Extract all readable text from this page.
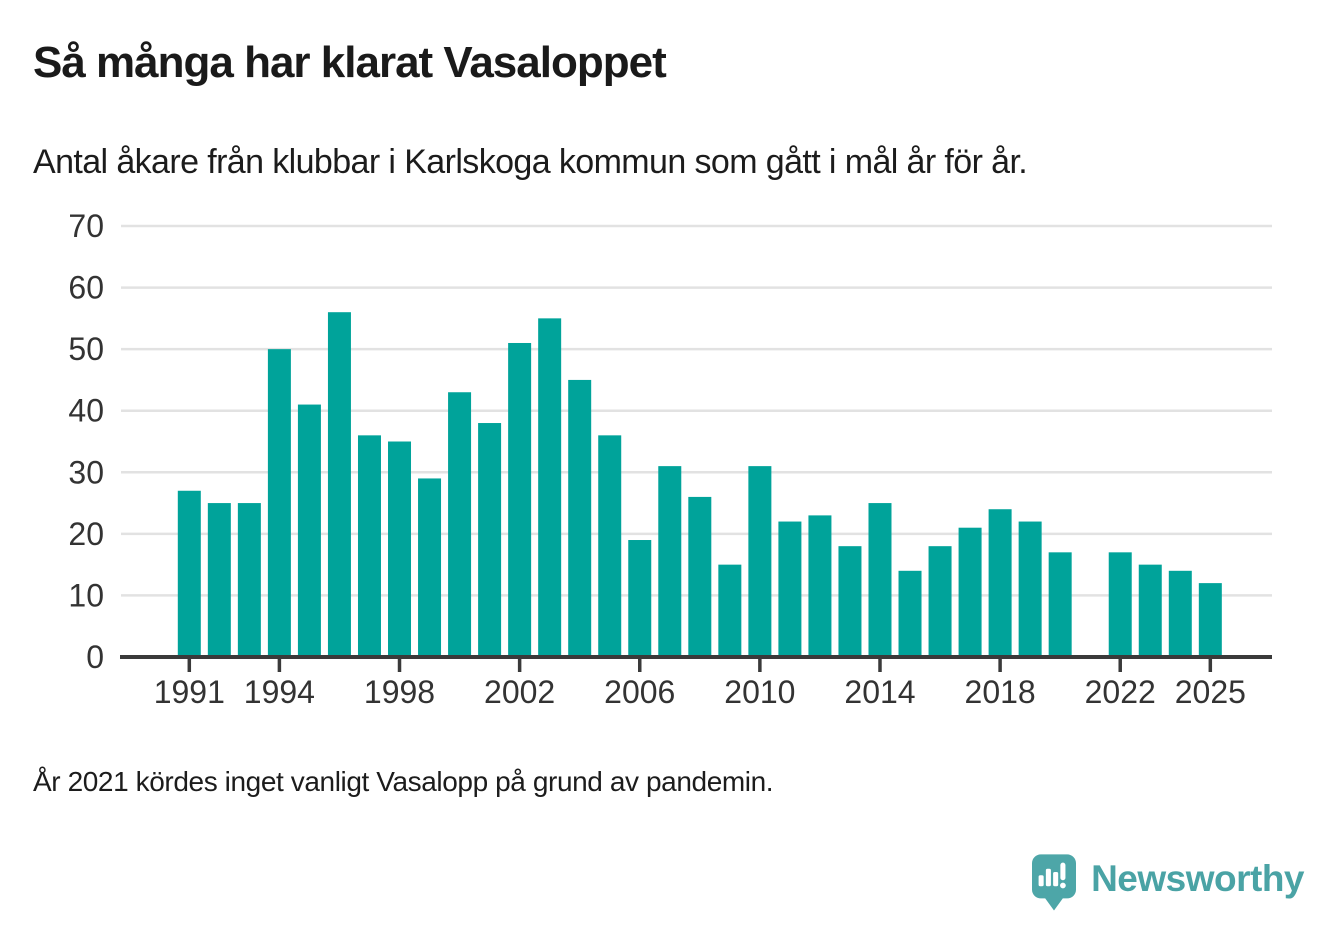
Så många har klarat Vasaloppet

Antal åkare från klubbar i Karlskoga kommun som gått i mål år för år.

0
10
20
30
40
50
60
70
1991 1994 1998 2002 2006 2010 2014 2018 2022 2025

År 2021 kördes inget vanligt Vasalopp på grund av pandemin.

Newsworthy
